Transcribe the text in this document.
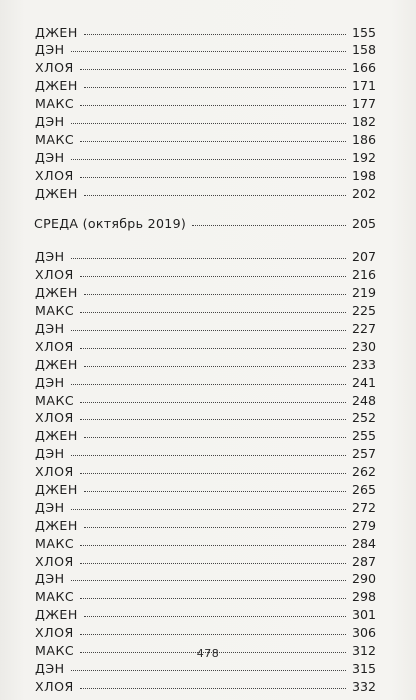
ДЖЕН	155
ДЭН	158
ХЛОЯ	166
ДЖЕН	171
МАКС	177
ДЭН	182
МАКС	186
ДЭН	192
ХЛОЯ	198
ДЖЕН	202
СРЕДА (октябрь 2019)	205
ДЭН	207
ХЛОЯ	216
ДЖЕН	219
МАКС	225
ДЭН	227
ХЛОЯ	230
ДЖЕН	233
ДЭН	241
МАКС	248
ХЛОЯ	252
ДЖЕН	255
ДЭН	257
ХЛОЯ	262
ДЖЕН	265
ДЭН	272
ДЖЕН	279
МАКС	284
ХЛОЯ	287
ДЭН	290
МАКС	298
ДЖЕН	301
ХЛОЯ	306
МАКС	312
ДЭН	315
ХЛОЯ	332
478
